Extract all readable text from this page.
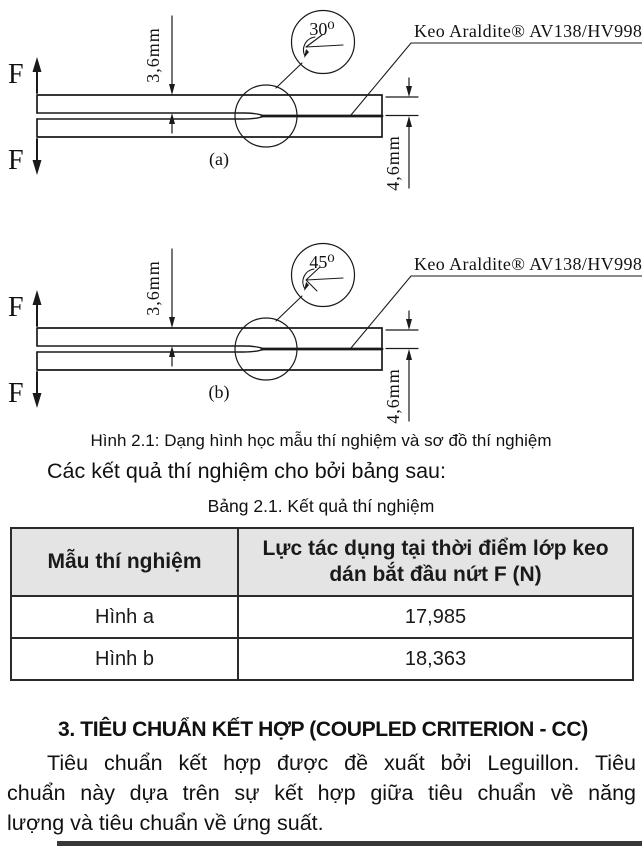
F
F
3,6mm
4,6mm
30⁰	Keo Araldite® AV138/HV998
(a)
F
F
3,6mm
4,6mm
45⁰	Keo Araldite® AV138/HV998
(b)
Hình 2.1: Dạng hình học mẫu thí nghiệm và sơ đồ thí nghiệm
Các kết quả thí nghiệm cho bởi bảng sau:
Bảng 2.1. Kết quả thí nghiệm
Mẫu thí nghiệm	Lực tác dụng tại thời điểm lớp keo dán bắt đầu nứt F (N)
Hình a	17,985
Hình b	18,363
3. TIÊU CHUẨN KẾT HỢP (COUPLED CRITERION - CC)
Tiêu chuẩn kết hợp được đề xuất bởi Leguillon. Tiêu
chuẩn này dựa trên sự kết hợp giữa tiêu chuẩn về năng
lượng và tiêu chuẩn về ứng suất.
